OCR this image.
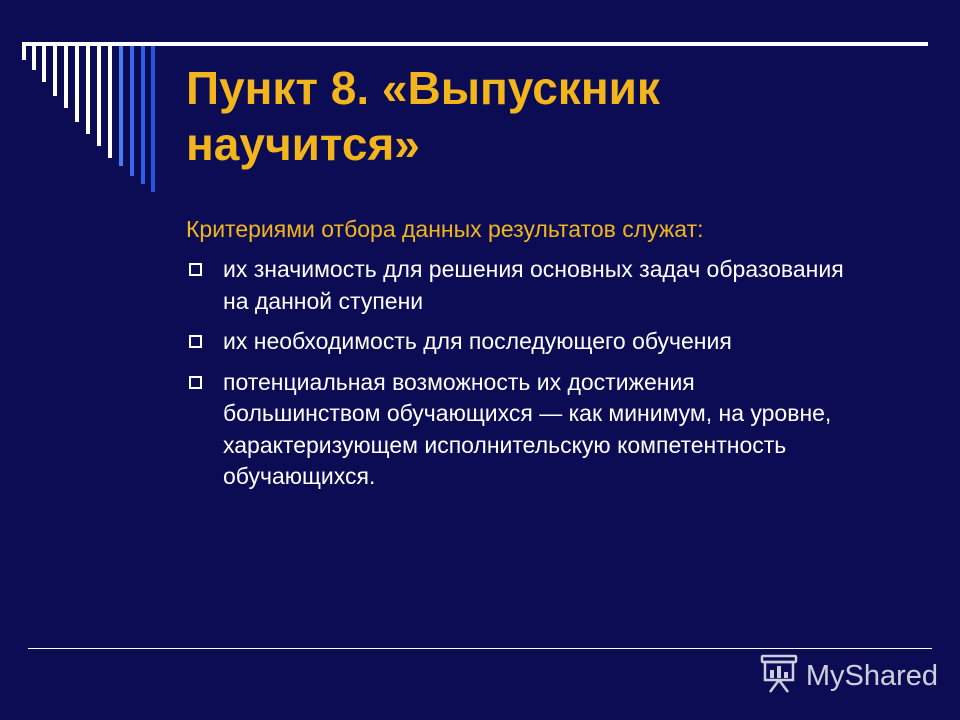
Пункт 8. «Выпускник научится»

Критериями отбора данных результатов служат:

их значимость для решения основных задач образования на данной ступени
их необходимость для последующего обучения
потенциальная возможность их достижения большинством обучающихся — как минимум, на уровне, характеризующем исполнительскую компетентность обучающихся.
MyShared
